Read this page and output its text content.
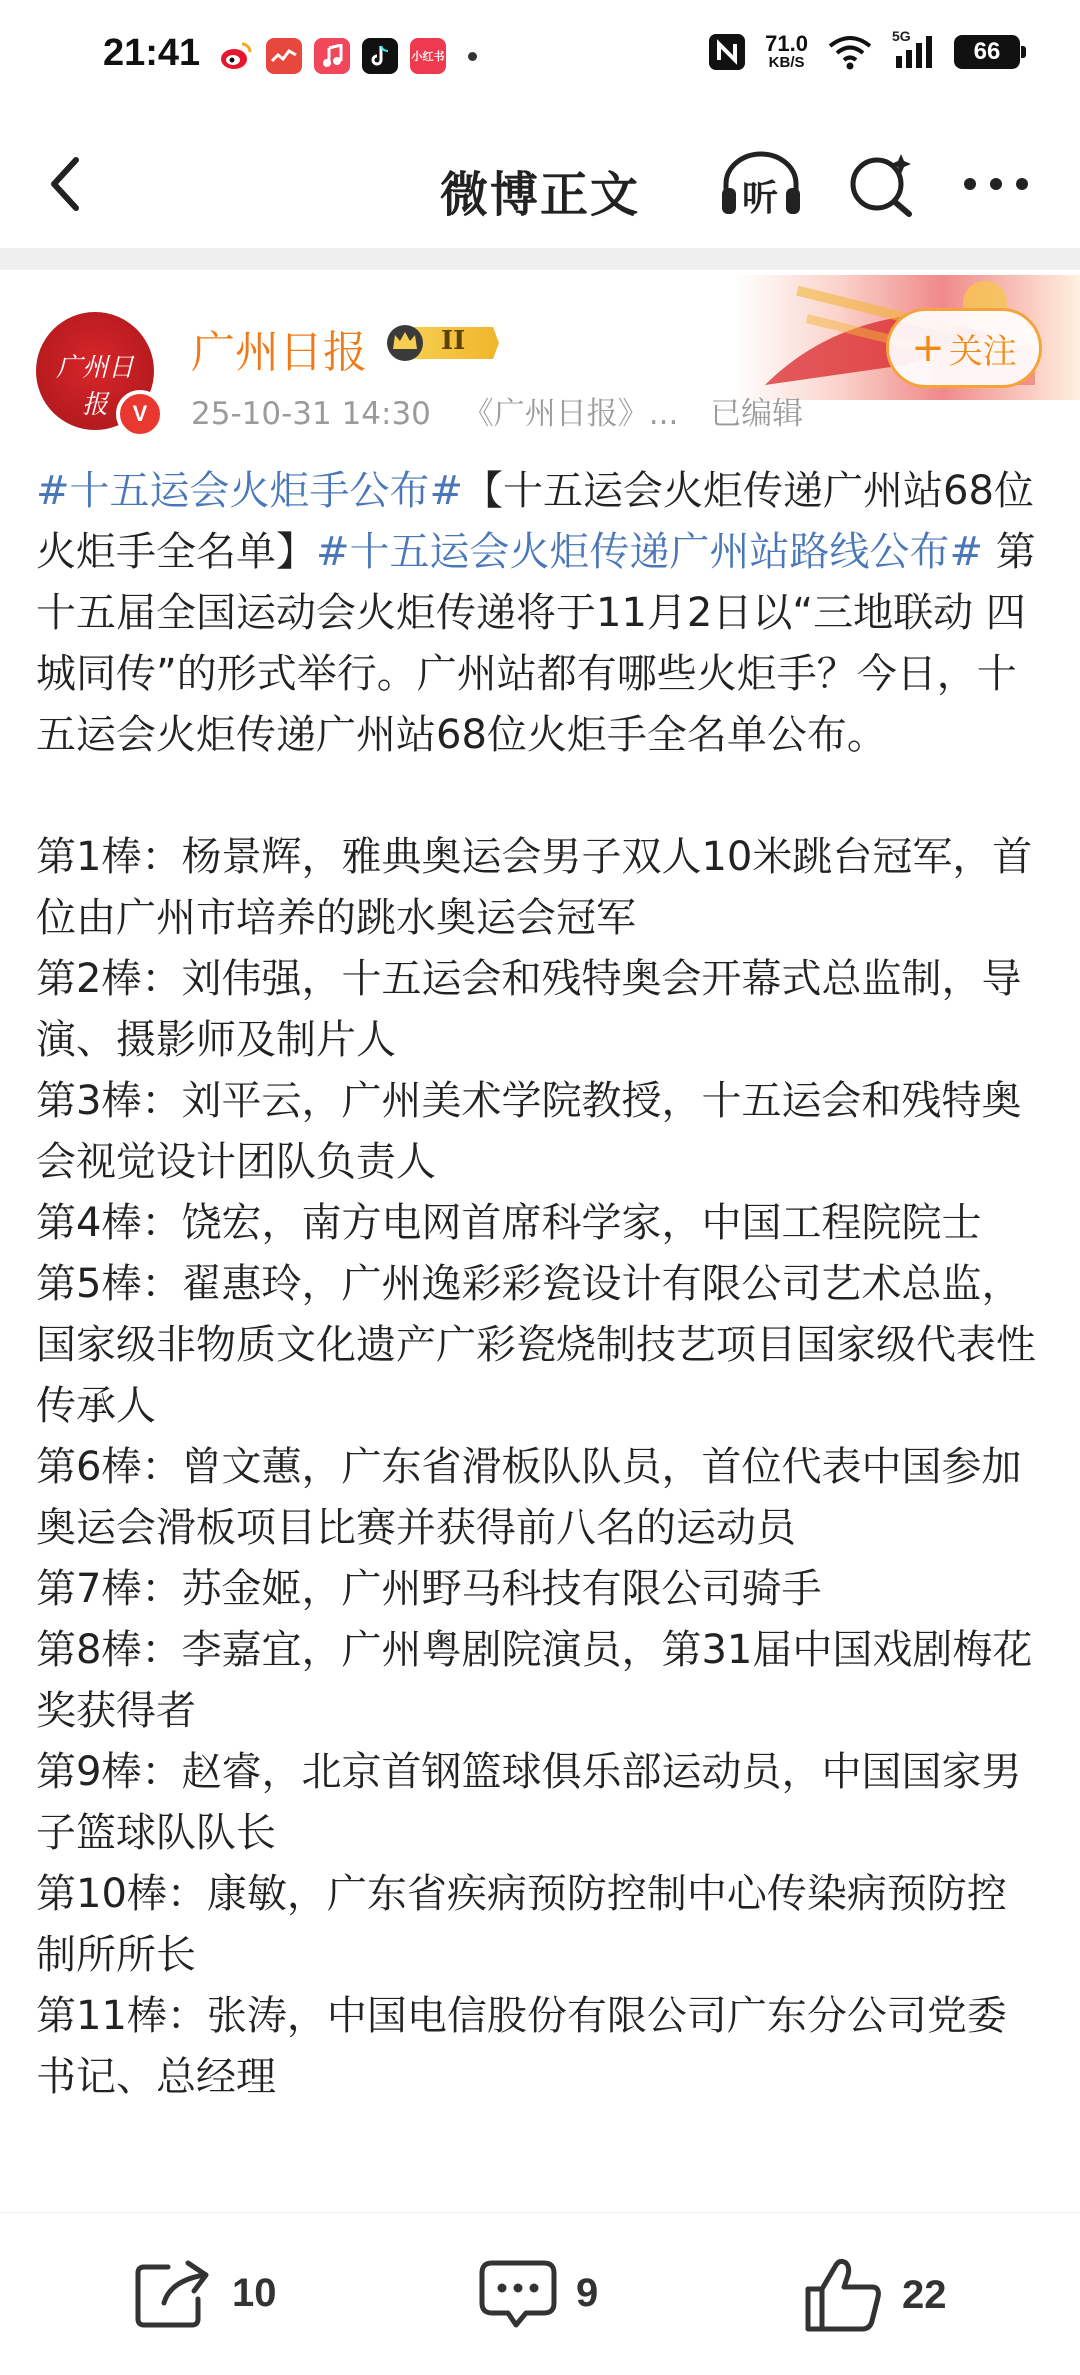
21:41	小红书
71.0
KB/S
5G
66
微博正文	听
广州日报	V
广州日报	II
25-10-31 14:30 《广州日报》... 已编辑
+ 关注

#十五运会火炬手公布#【十五运会火炬传递广州站68位火炬手全名单】#十五运会火炬传递广州站路线公布# 第十五届全国运动会火炬传递将于11月2日以“三地联动 四城同传”的形式举行。广州站都有哪些火炬手？今日，十五运会火炬传递广州站68位火炬手全名单公布。

第1棒：杨景辉，雅典奥运会男子双人10米跳台冠军，首位由广州市培养的跳水奥运会冠军

第2棒：刘伟强，十五运会和残特奥会开幕式总监制，导演、摄影师及制片人

第3棒：刘平云，广州美术学院教授，十五运会和残特奥会视觉设计团队负责人

第4棒：饶宏，南方电网首席科学家，中国工程院院士

第5棒：翟惠玲，广州逸彩彩瓷设计有限公司艺术总监，国家级非物质文化遗产广彩瓷烧制技艺项目国家级代表性传承人

第6棒：曾文蕙，广东省滑板队队员，首位代表中国参加奥运会滑板项目比赛并获得前八名的运动员

第7棒：苏金姬，广州野马科技有限公司骑手

第8棒：李嘉宜，广州粤剧院演员，第31届中国戏剧梅花奖获得者

第9棒：赵睿，北京首钢篮球俱乐部运动员，中国国家男子篮球队队长

第10棒：康敏，广东省疾病预防控制中心传染病预防控制所所长

第11棒：张涛，中国电信股份有限公司广东分公司党委书记、总经理

10	9	22
